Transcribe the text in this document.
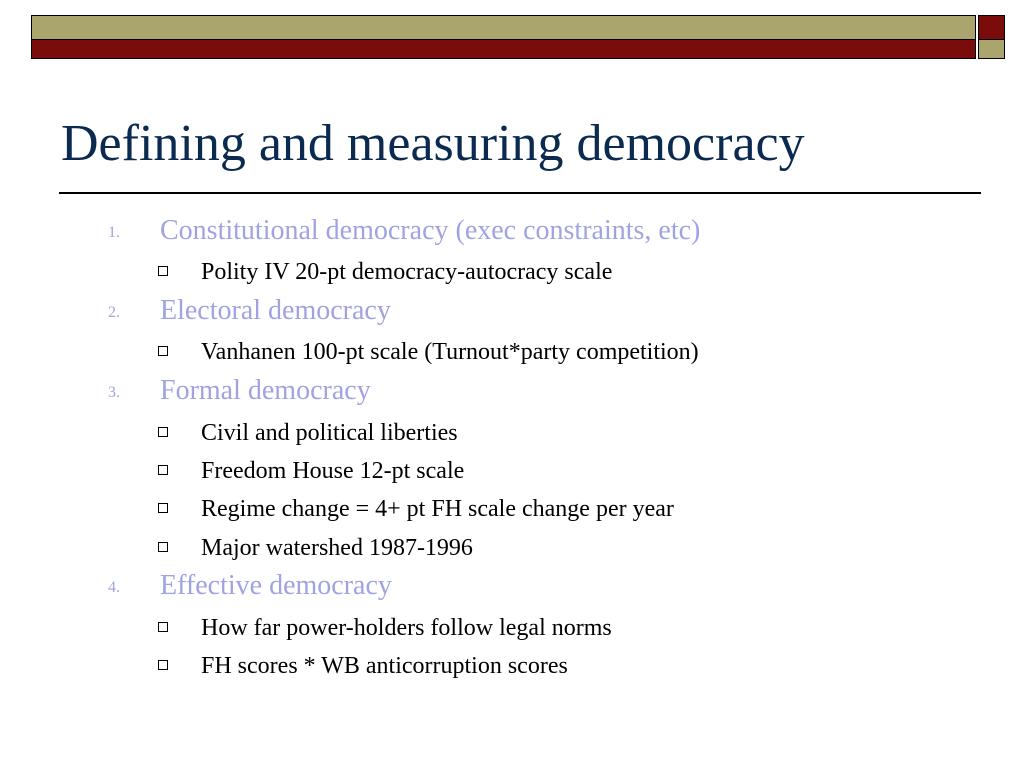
Defining and measuring democracy
1. Constitutional democracy (exec constraints, etc)
Polity IV 20-pt democracy-autocracy scale
2. Electoral democracy
Vanhanen 100-pt scale (Turnout*party competition)
3. Formal democracy
Civil and political liberties
Freedom House 12-pt scale
Regime change = 4+ pt FH scale change per year
Major watershed 1987-1996
4. Effective democracy
How far power-holders follow legal norms
FH scores * WB anticorruption scores
